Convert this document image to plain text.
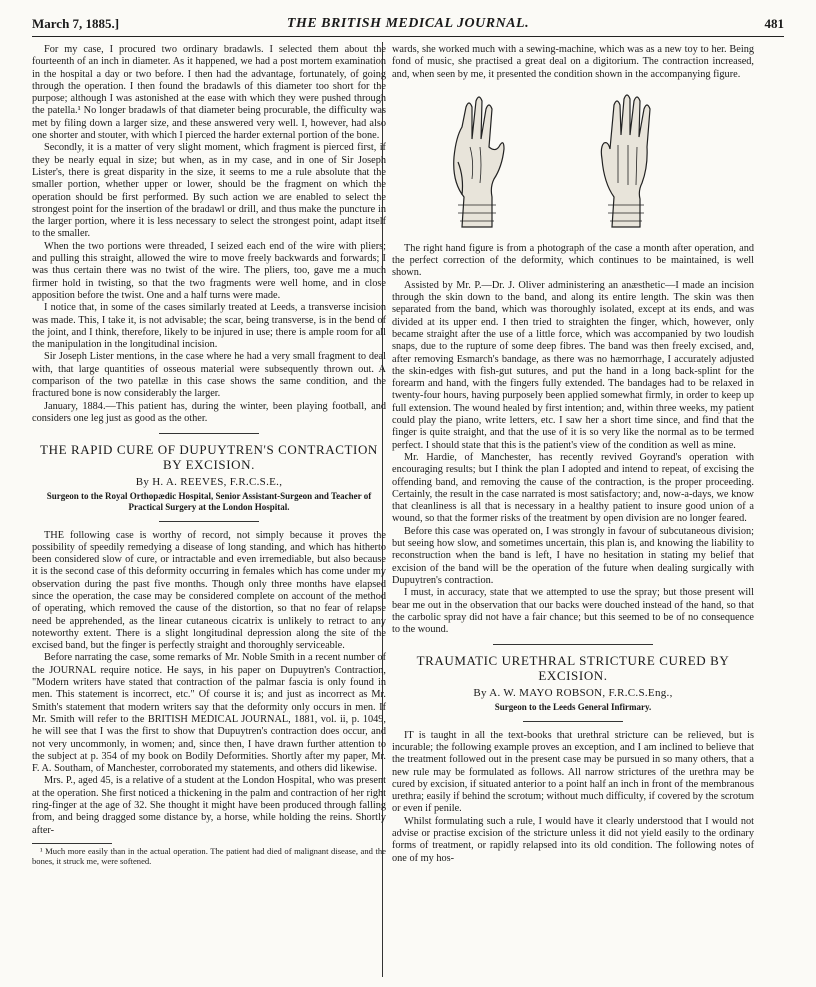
March 7, 1885.]	THE BRITISH MEDICAL JOURNAL.	481

For my case, I procured two ordinary bradawls. I selected them about the fourteenth of an inch in diameter. As it happened, we had a post mortem examination in the hospital a day or two before. I then had the advantage, fortunately, of going through the operation. I then found the bradawls of this diameter too short for the purpose; although I was astonished at the ease with which they were pushed through the patella.¹ No longer bradawls of that diameter being procurable, the difficulty was met by filing down a larger size, and these answered very well. I, however, had also one shorter and stouter, with which I pierced the harder external portion of the bone.

Secondly, it is a matter of very slight moment, which fragment is pierced first, if they be nearly equal in size; but when, as in my case, and in one of Sir Joseph Lister's, there is great disparity in the size, it seems to me a rule absolute that the smaller portion, whether upper or lower, should be the fragment on which the operation should be first performed. By such action we are enabled to select the strongest point for the insertion of the bradawl or drill, and thus make the puncture in the larger portion, where it is less necessary to select the strongest point, adapt itself to the smaller.

When the two portions were threaded, I seized each end of the wire with pliers; and pulling this straight, allowed the wire to move freely backwards and forwards; I was thus certain there was no twist of the wire. The pliers, too, gave me a much firmer hold in twisting, so that the two fragments were well home, and in close apposition before the twist. One and a half turns were made.

I notice that, in some of the cases similarly treated at Leeds, a transverse incision was made. This, I take it, is not advisable; the scar, being transverse, is in the bend of the joint, and I think, therefore, likely to be injured in use; there is ample room for all the manipulation in the longitudinal incision.

Sir Joseph Lister mentions, in the case where he had a very small fragment to deal with, that large quantities of osseous material were subsequently thrown out. A comparison of the two patellæ in this case shows the same condition, and the fractured bone is now considerably the larger.

January, 1884.—This patient has, during the winter, been playing football, and considers one leg just as good as the other.

THE RAPID CURE OF DUPUYTREN'S CONTRACTION BY EXCISION.

By H. A. REEVES, F.R.C.S.E.,

Surgeon to the Royal Orthopædic Hospital, Senior Assistant-Surgeon and Teacher of Practical Surgery at the London Hospital.

THE following case is worthy of record, not simply because it proves the possibility of speedily remedying a disease of long standing, and which has hitherto been considered slow of cure, or intractable and even irremediable, but also because it is the second case of this deformity occurring in females which has come under my observation during the past five months. Though only three months have elapsed since the operation, the case may be considered complete on account of the method of operating, which removed the cause of the distortion, so that no fear of relapse need be apprehended, as the linear cutaneous cicatrix is unlikely to retract to any noteworthy extent. There is a slight longitudinal depression along the site of the excised band, but the finger is perfectly straight and thoroughly serviceable.

Before narrating the case, some remarks of Mr. Noble Smith in a recent number of the JOURNAL require notice. He says, in his paper on Dupuytren's Contraction, "Modern writers have stated that contraction of the palmar fascia is only found in men. This statement is incorrect, etc." Of course it is; and just as incorrect as Mr. Smith's statement that modern writers say that the deformity only occurs in men. If Mr. Smith will refer to the BRITISH MEDICAL JOURNAL, 1881, vol. ii, p. 1049, he will see that I was the first to show that Dupuytren's contraction does occur, and not very uncommonly, in women; and, since then, I have drawn further attention to the subject at p. 354 of my book on Bodily Deformities. Shortly after my paper, Mr. F. A. Southam, of Manchester, corroborated my statements, and others did likewise.

Mrs. P., aged 45, is a relative of a student at the London Hospital, who was present at the operation. She first noticed a thickening in the palm and contraction of her right ring-finger at the age of 32. She thought it might have been produced through falling from, and being dragged some distance by, a horse, while holding the reins. Shortly after-

¹ Much more easily than in the actual operation. The patient had died of malignant disease, and the bones, it struck me, were softened.

wards, she worked much with a sewing-machine, which was as a new toy to her. Being fond of music, she practised a great deal on a digitorium. The contraction increased, and, when seen by me, it presented the condition shown in the accompanying figure.

The right hand figure is from a photograph of the case a month after operation, and the perfect correction of the deformity, which continues to be maintained, is well shown.

Assisted by Mr. P.—Dr. J. Oliver administering an anæsthetic—I made an incision through the skin down to the band, and along its entire length. The skin was then separated from the band, which was thoroughly isolated, except at its ends, and was divided at its upper end. I then tried to straighten the finger, which, however, only became straight after the use of a little force, which was accompanied by two loudish snaps, due to the rupture of some deep fibres. The band was then freely excised, and, after removing Esmarch's bandage, as there was no hæmorrhage, I accurately adjusted the skin-edges with fish-gut sutures, and put the hand in a long back-splint for the forearm and hand, with the fingers fully extended. The bandages had to be relaxed in twenty-four hours, having purposely been applied somewhat firmly, in order to keep up full extension. The wound healed by first intention; and, within three weeks, my patient could play the piano, write letters, etc. I saw her a short time since, and find that the finger is quite straight, and that the use of it is so very like the normal as to be termed perfect. I should state that this is the patient's view of the condition as well as mine.

Mr. Hardie, of Manchester, has recently revived Goyrand's operation with encouraging results; but I think the plan I adopted and intend to repeat, of excising the offending band, and removing the cause of the contraction, is the proper proceeding. Certainly, the result in the case narrated is most satisfactory; and, now-a-days, we know that cleanliness is all that is necessary in a healthy patient to insure good union of a wound, so that the former risks of the treatment by open division are no longer feared.

Before this case was operated on, I was strongly in favour of subcutaneous division; but seeing how slow, and sometimes uncertain, this plan is, and knowing the liability to reconstruction when the band is left, I have no hesitation in stating my belief that excision of the band will be the operation of the future when dealing surgically with Dupuytren's contraction.

I must, in accuracy, state that we attempted to use the spray; but those present will bear me out in the observation that our backs were douched instead of the hand, so that the carbolic spray did not have a fair chance; but this seemed to be of no consequence to the wound.

TRAUMATIC URETHRAL STRICTURE CURED BY EXCISION.

By A. W. MAYO ROBSON, F.R.C.S.Eng.,

Surgeon to the Leeds General Infirmary.

IT is taught in all the text-books that urethral stricture can be relieved, but is incurable; the following example proves an exception, and I am inclined to believe that the treatment followed out in the present case may be pursued in so many others, that a new rule may be formulated as follows. All narrow strictures of the urethra may be cured by excision, if situated anterior to a point half an inch in front of the membranous urethra; easily if behind the scrotum; without much difficulty, if covered by the scrotum or even if penile.

Whilst formulating such a rule, I would have it clearly understood that I would not advise or practise excision of the stricture unless it did not yield easily to the ordinary forms of treatment, or rapidly relapsed into its old condition. The following notes of one of my hos-
